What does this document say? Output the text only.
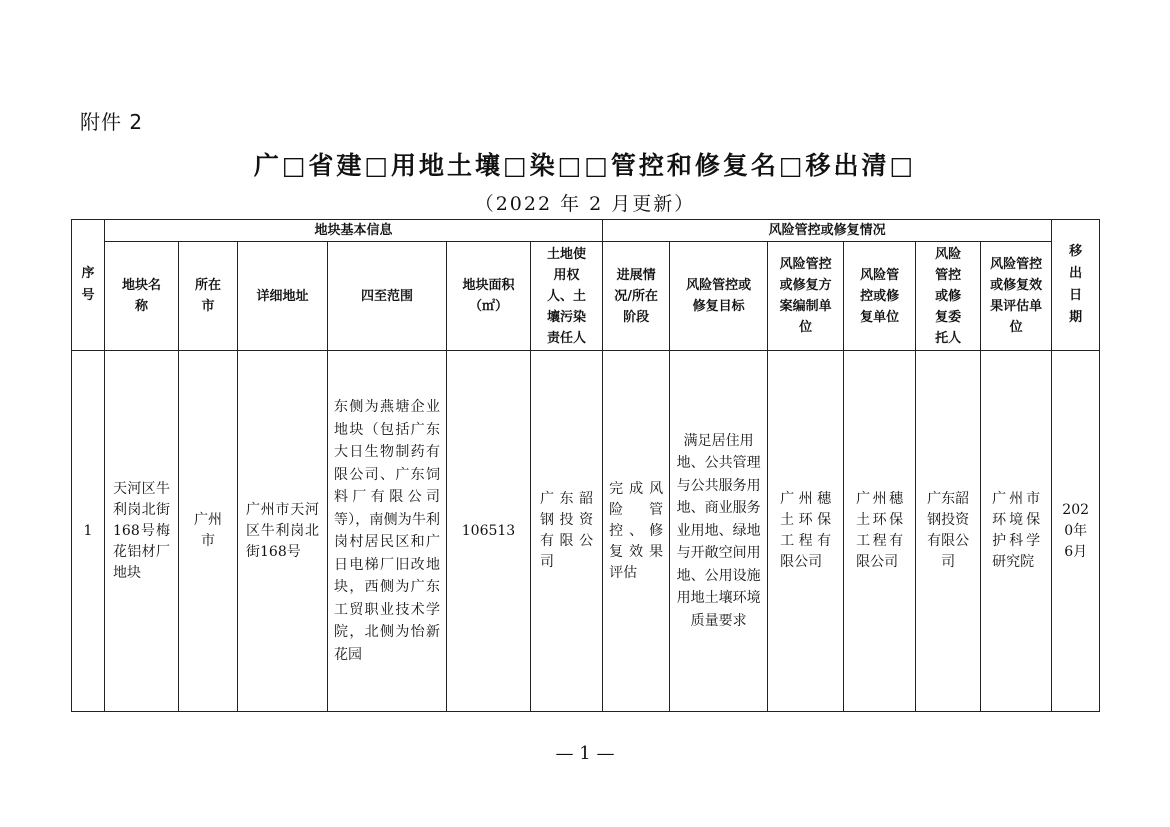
附件 2
广□省建□用地土壤□染□□管控和修复名□移出清□
（2022 年 2 月更新）
序号	地块基本信息						风险管控或修复情况						移出日期

	地块名称	所在市	详细地址	四至范围	地块面积（㎡）	土地使用权人、土壤污染责任人	进展情况/所在阶段	风险管控或修复目标	风险管控或修复方案编制单位	风险管控或修复单位	风险管控或修复委托人	风险管控或修复效果评估单位	

1	天河区牛利岗北街168号梅花铝材厂地块	广州市	广州市天河区牛利岗北街168号	东侧为燕塘企业地块（包括广东大日生物制药有限公司、广东饲料厂有限公司等），南侧为牛利岗村居民区和广日电梯厂旧改地块，西侧为广东工贸职业技术学院，北侧为怡新花园	106513	广东韶钢投资有限公司	完成风险管控、修复效果评估	满足居住用地、公共管理与公共服务用地、商业服务业用地、绿地与开敞空间用地、公用设施用地土壤环境质量要求	广州穗土环保工程有限公司	广州穗土环保工程有限公司	广东韶钢投资有限公司	广州市环境保护科学研究院	2020年6月
— 1 —
